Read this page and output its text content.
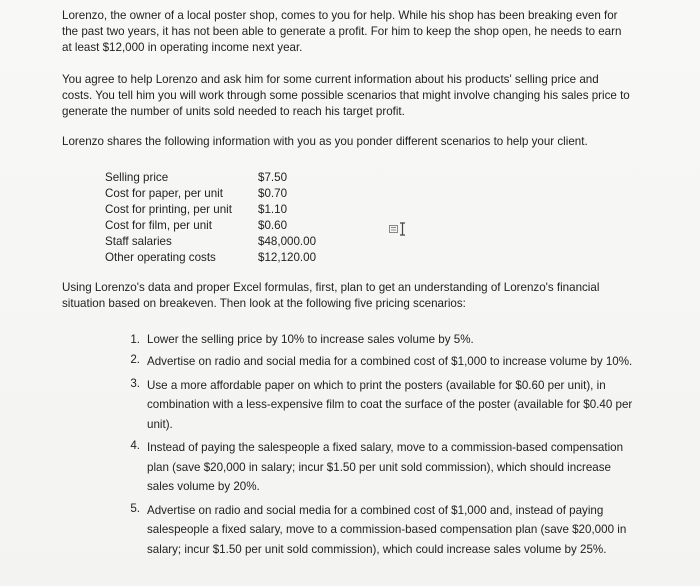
Lorenzo, the owner of a local poster shop, comes to you for help. While his shop has been breaking even for the past two years, it has not been able to generate a profit. For him to keep the shop open, he needs to earn at least $12,000 in operating income next year.

You agree to help Lorenzo and ask him for some current information about his products' selling price and costs. You tell him you will work through some possible scenarios that might involve changing his sales price to generate the number of units sold needed to reach his target profit.

Lorenzo shares the following information with you as you ponder different scenarios to help your client.

Selling price	$7.50
Cost for paper, per unit	$0.70
Cost for printing, per unit	$1.10
Cost for film, per unit	$0.60
Staff salaries	$48,000.00
Other operating costs	$12,120.00

Using Lorenzo's data and proper Excel formulas, first, plan to get an understanding of Lorenzo's financial situation based on breakeven. Then look at the following five pricing scenarios:

1. Lower the selling price by 10% to increase sales volume by 5%.
2. Advertise on radio and social media for a combined cost of $1,000 to increase volume by 10%.
3. Use a more affordable paper on which to print the posters (available for $0.60 per unit), in combination with a less-expensive film to coat the surface of the poster (available for $0.40 per unit).
4. Instead of paying the salespeople a fixed salary, move to a commission-based compensation plan (save $20,000 in salary; incur $1.50 per unit sold commission), which should increase sales volume by 20%.
5. Advertise on radio and social media for a combined cost of $1,000 and, instead of paying salespeople a fixed salary, move to a commission-based compensation plan (save $20,000 in salary; incur $1.50 per unit sold commission), which could increase sales volume by 25%.
